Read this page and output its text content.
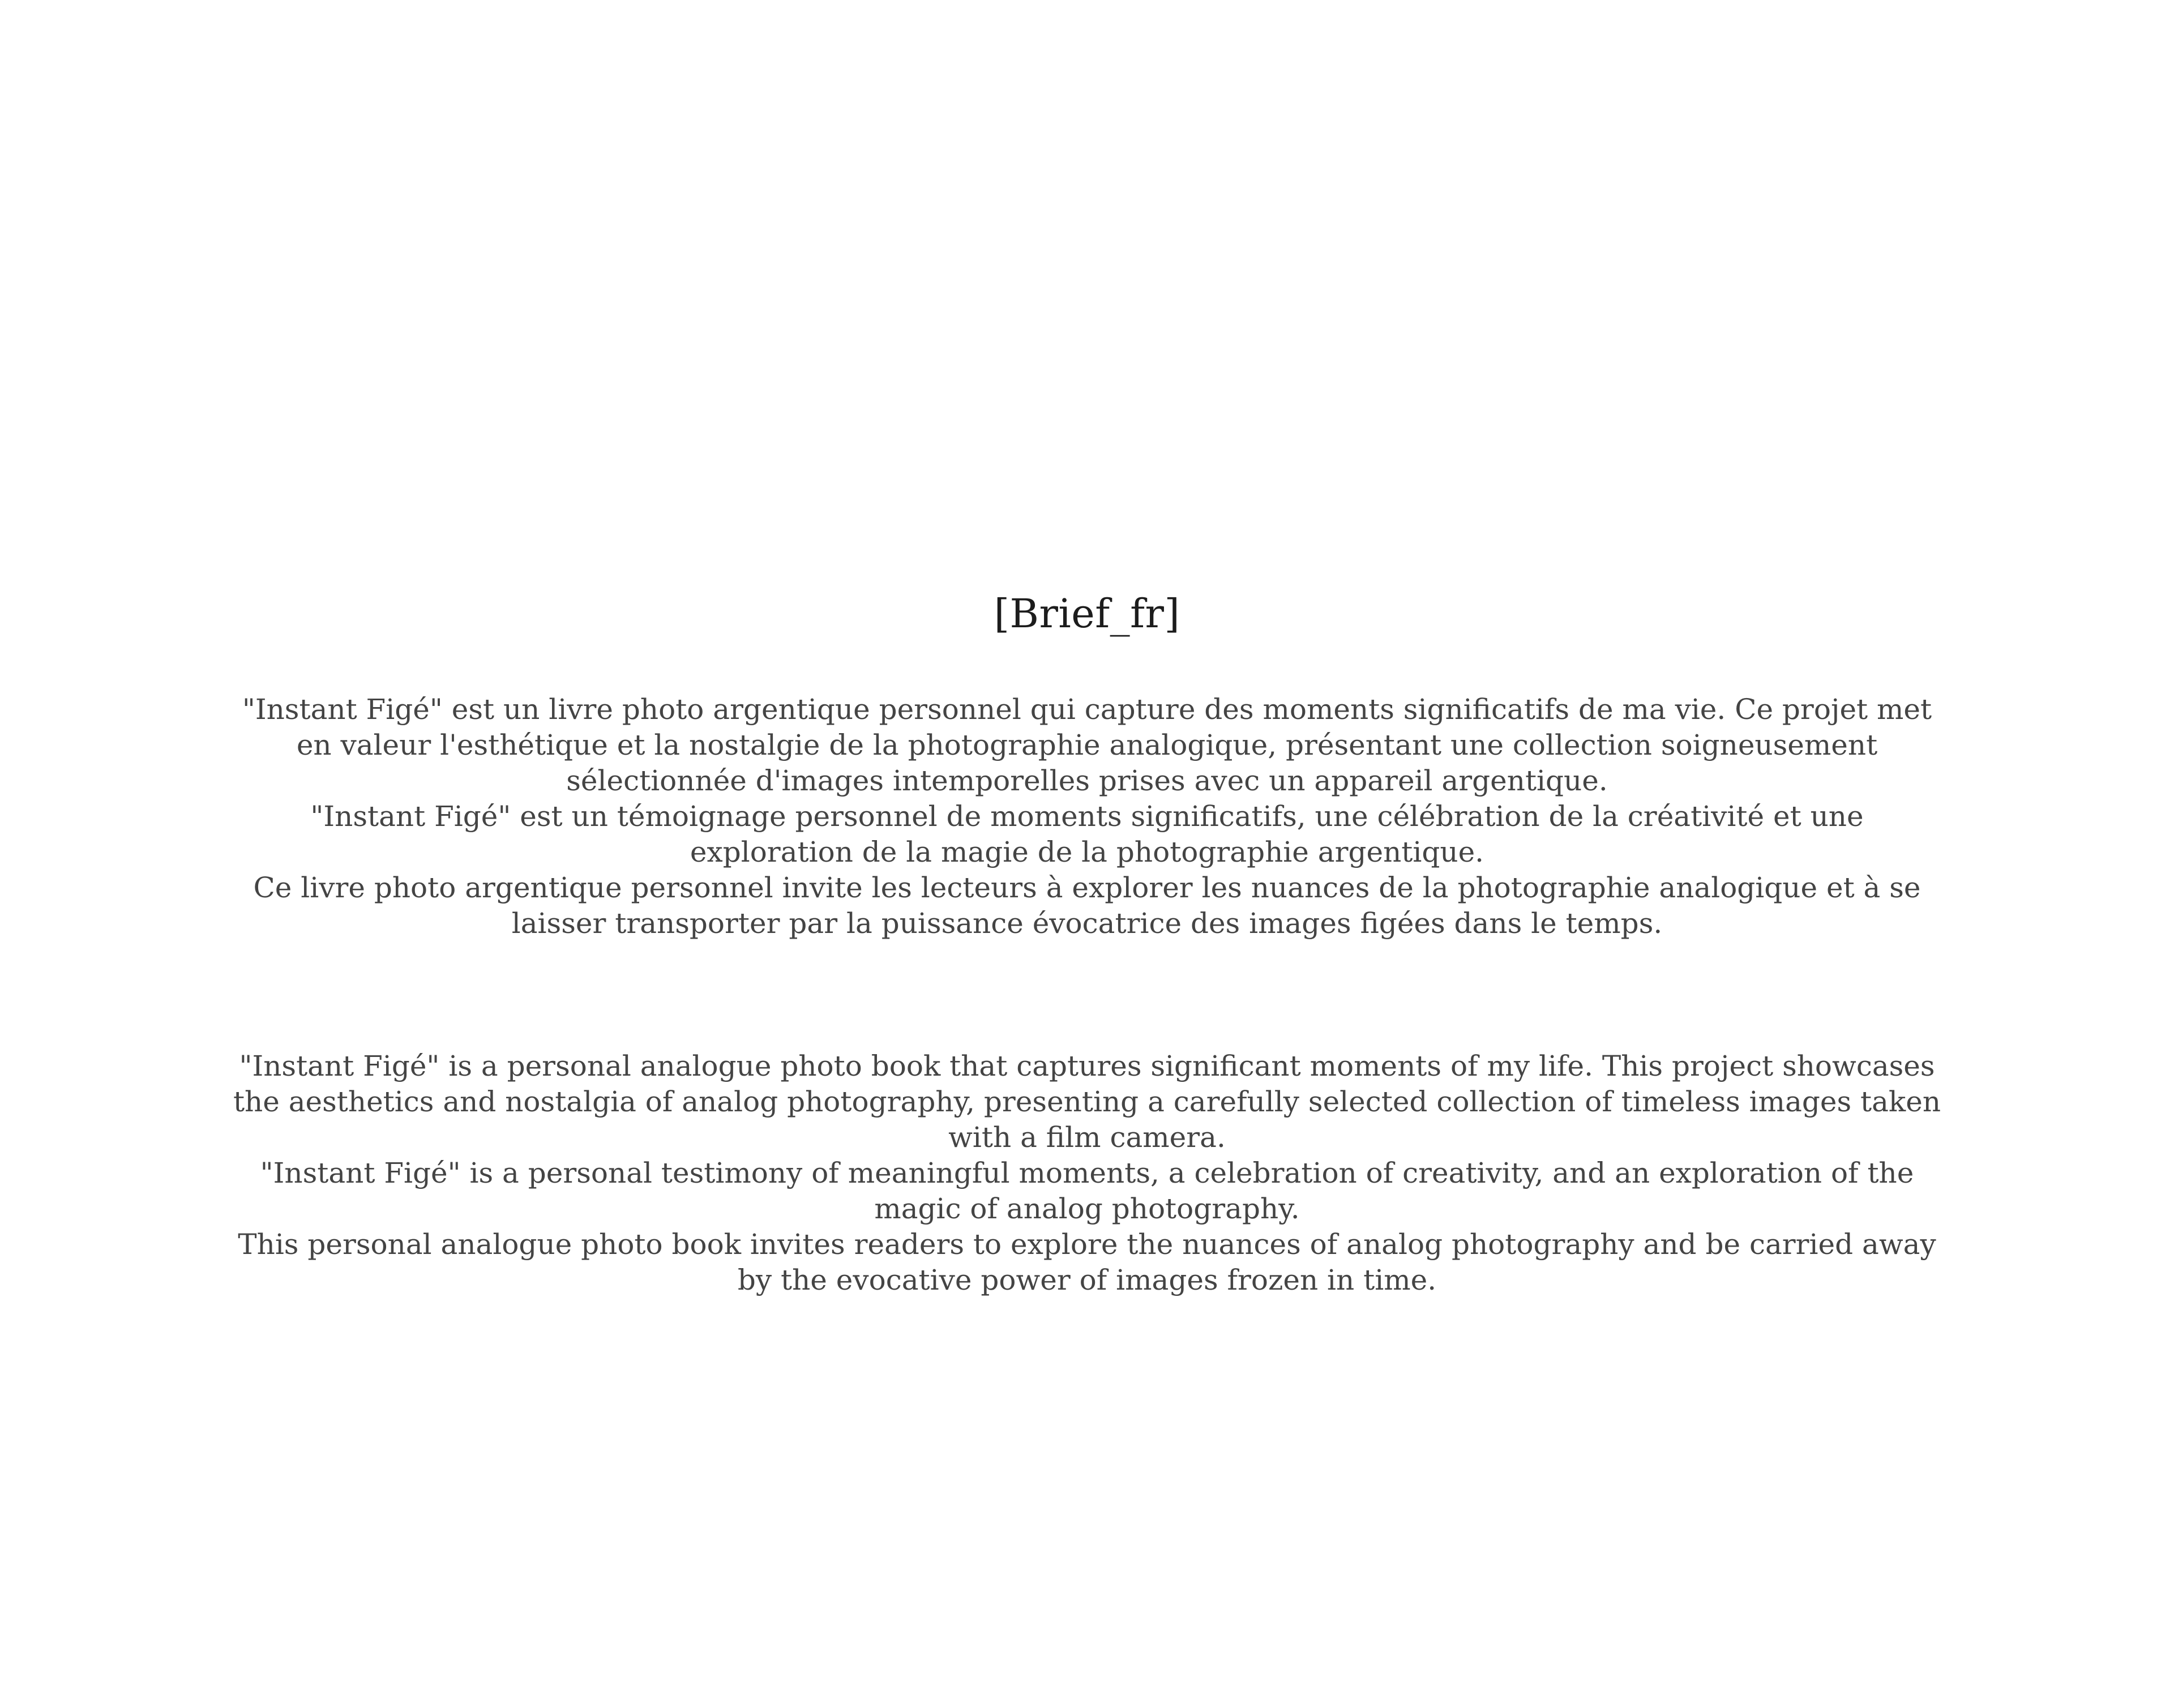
[Brief_fr]

"Instant Figé" est un livre photo argentique personnel qui capture des moments significatifs de ma vie. Ce projet met en valeur l'esthétique et la nostalgie de la photographie analogique, présentant une collection soigneusement sélectionnée d'images intemporelles prises avec un appareil argentique.

"Instant Figé" est un témoignage personnel de moments significatifs, une célébration de la créativité et une exploration de la magie de la photographie argentique.

Ce livre photo argentique personnel invite les lecteurs à explorer les nuances de la photographie analogique et à se laisser transporter par la puissance évocatrice des images figées dans le temps.

"Instant Figé" is a personal analogue photo book that captures significant moments of my life. This project showcases the aesthetics and nostalgia of analog photography, presenting a carefully selected collection of timeless images taken with a film camera.

"Instant Figé" is a personal testimony of meaningful moments, a celebration of creativity, and an exploration of the magic of analog photography.

This personal analogue photo book invites readers to explore the nuances of analog photography and be carried away by the evocative power of images frozen in time.
